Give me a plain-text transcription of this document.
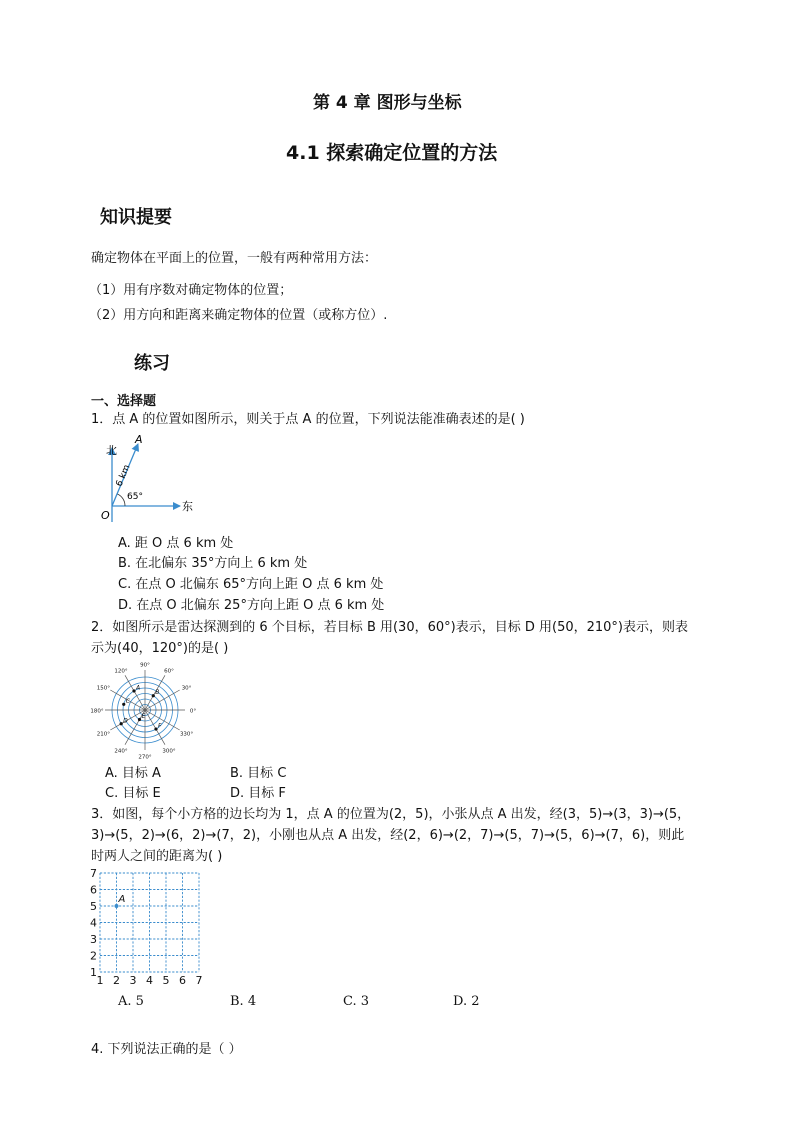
第 4 章 图形与坐标
4.1 探索确定位置的方法
知识提要
确定物体在平面上的位置，一般有两种常用方法：
（1）用有序数对确定物体的位置；
（2）用方向和距离来确定物体的位置（或称方位）.
练习
一、选择题
1．点 A 的位置如图所示，则关于点 A 的位置，下列说法能准确表述的是( )
北
东
O
A
6 km
65°
A. 距 O 点 6 km 处
B. 在北偏东 35°方向上 6 km 处
C. 在点 O 北偏东 65°方向上距 O 点 6 km 处
D. 在点 O 北偏东 25°方向上距 O 点 6 km 处
2．如图所示是雷达探测到的 6 个目标，若目标 B 用(30，60°)表示，目标 D 用(50，210°)表示，则表
示为(40，120°)的是( )
0°
30°
60°
90°
120°
150°
180°
210°
240°
270°
300°
330°
A
B
C
D
E
F
A. 目标 A	B. 目标 C
C. 目标 E	D. 目标 F
3．如图，每个小方格的边长均为 1，点 A 的位置为(2，5)，小张从点 A 出发，经(3，5)→(3，3)→(5，
3)→(5，2)→(6，2)→(7，2)，小刚也从点 A 出发，经(2，6)→(2，7)→(5，7)→(5，6)→(7，6)，则此
时两人之间的距离为( )
1 2 3 4 5 6 7
1
2
3
4
5
6
7
A
A. 5	B. 4	C. 3	D. 2
4. 下列说法正确的是（ ）
